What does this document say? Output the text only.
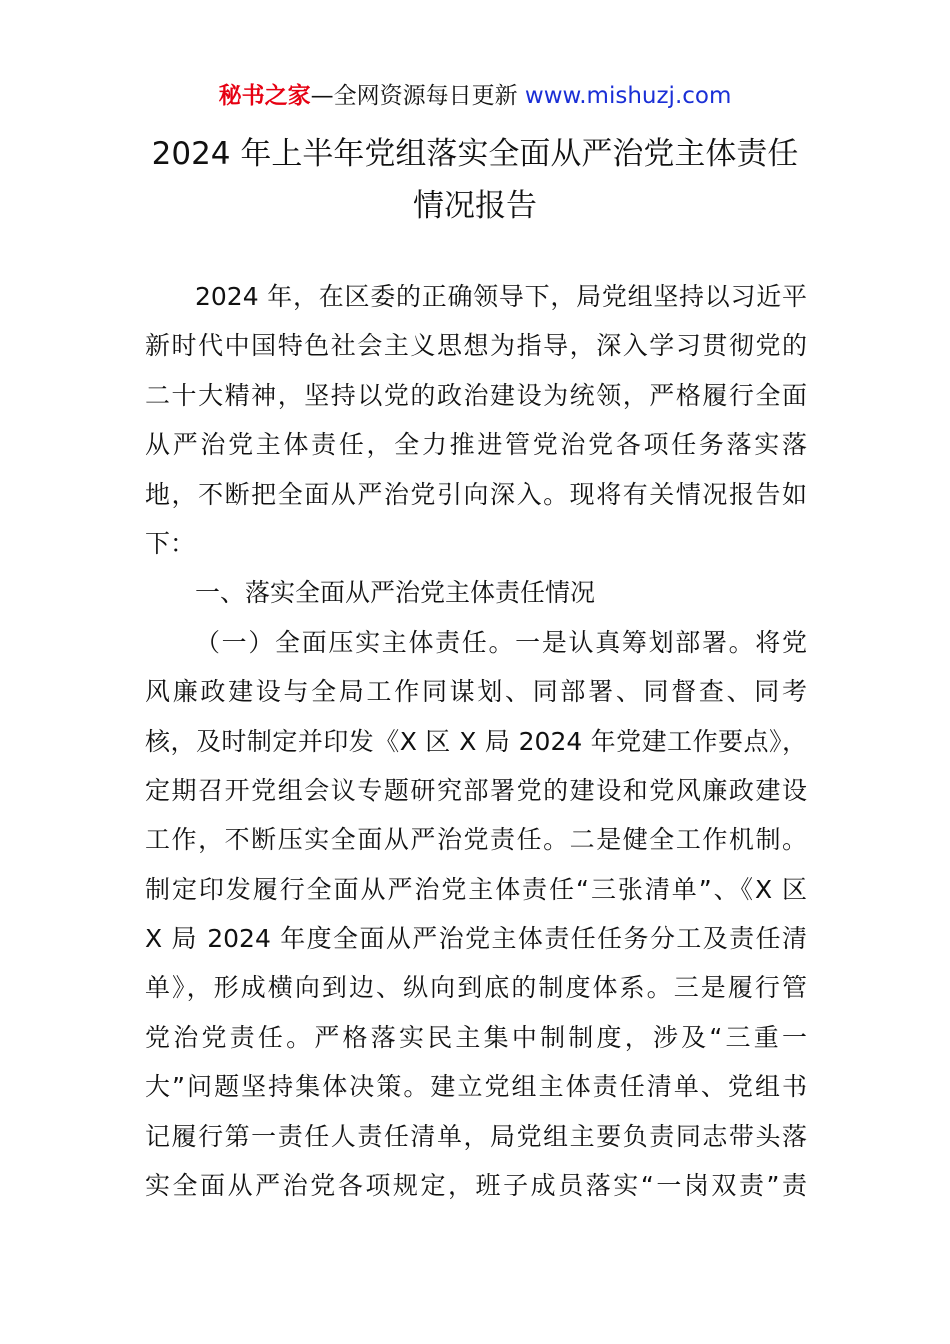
秘书之家—全网资源每日更新 www.mishuzj.com
2024 年上半年党组落实全面从严治党主体责任
情况报告
2024 年，在区委的正确领导下，局党组坚持以习近平
新时代中国特色社会主义思想为指导，深入学习贯彻党的
二十大精神，坚持以党的政治建设为统领，严格履行全面
从严治党主体责任，全力推进管党治党各项任务落实落
地，不断把全面从严治党引向深入。现将有关情况报告如
下：
一、落实全面从严治党主体责任情况
（一）全面压实主体责任。一是认真筹划部署。将党
风廉政建设与全局工作同谋划、同部署、同督查、同考
核，及时制定并印发《X 区 X 局 2024 年党建工作要点》，
定期召开党组会议专题研究部署党的建设和党风廉政建设
工作，不断压实全面从严治党责任。二是健全工作机制。
制定印发履行全面从严治党主体责任“三张清单”、《X 区
X 局 2024 年度全面从严治党主体责任任务分工及责任清
单》，形成横向到边、纵向到底的制度体系。三是履行管
党治党责任。严格落实民主集中制制度，涉及“三重一
大”问题坚持集体决策。建立党组主体责任清单、党组书
记履行第一责任人责任清单，局党组主要负责同志带头落
实全面从严治党各项规定，班子成员落实“一岗双责”责
